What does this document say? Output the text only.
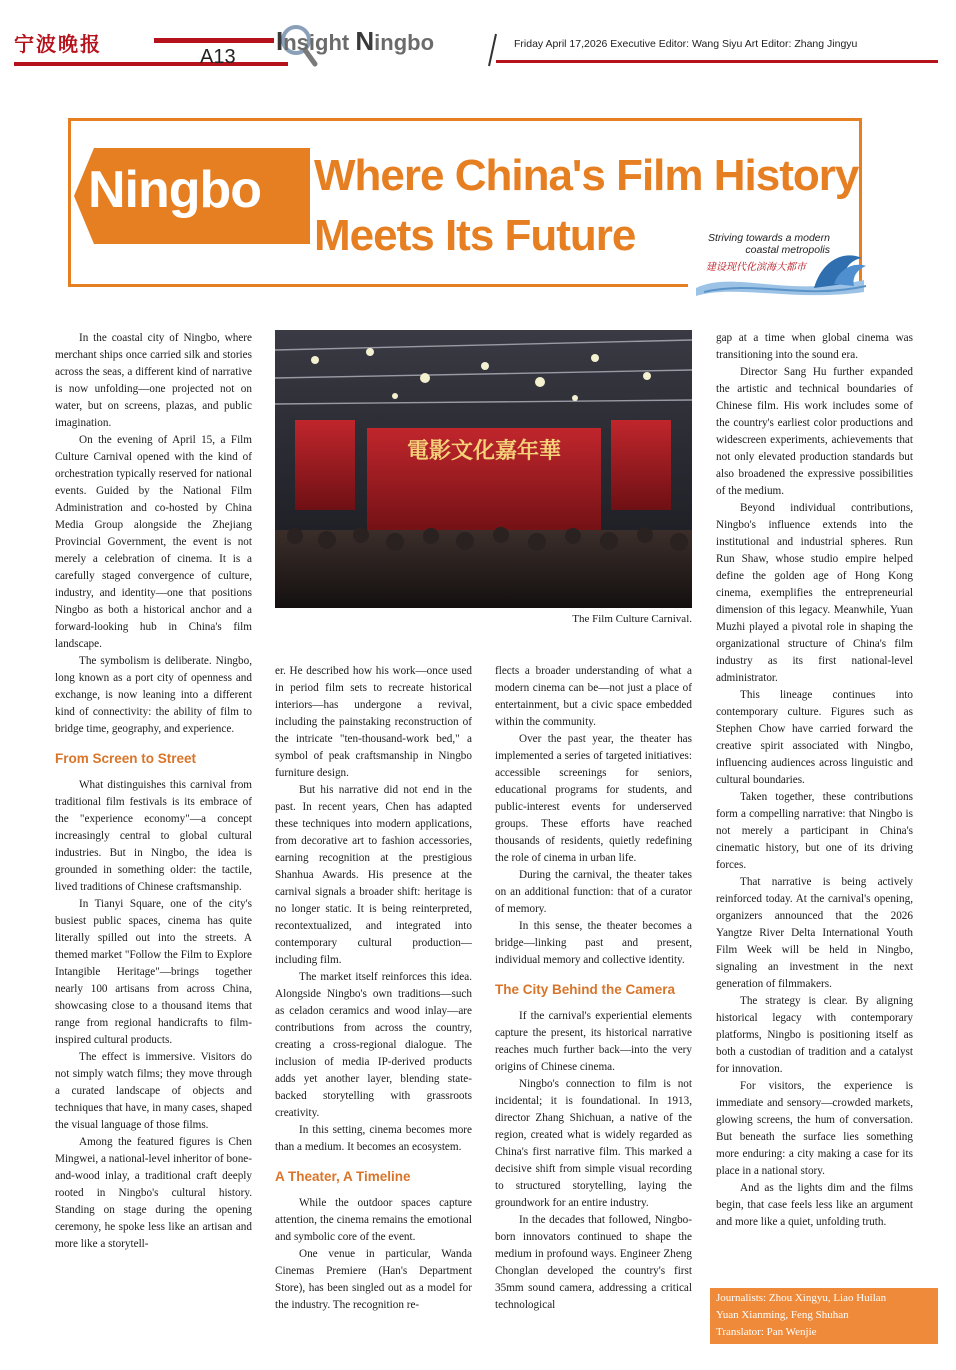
宁波晚报
A13
Insight Ningbo	Friday April 17,2026 Executive Editor: Wang Siyu Art Editor: Zhang Jingyu
Ningbo Where China's Film History
Meets Its Future	Striving towards a modern
coastal metropolis
建设现代化滨海大都市
電影文化嘉年華
The Film Culture Carnival.

In the coastal city of Ningbo, where merchant ships once carried silk and stories across the seas, a different kind of narrative is now unfolding—one projected not on water, but on screens, plazas, and public imagination.

On the evening of April 15, a Film Culture Carnival opened with the kind of orchestration typically reserved for national events. Guided by the National Film Administration and co-hosted by China Media Group alongside the Zhejiang Provincial Government, the event is not merely a celebration of cinema. It is a carefully staged convergence of culture, industry, and identity—one that positions Ningbo as both a historical anchor and a forward-looking hub in China's film landscape.

The symbolism is deliberate. Ningbo, long known as a port city of openness and exchange, is now leaning into a different kind of connectivity: the ability of film to bridge time, geography, and experience.

From Screen to Street

What distinguishes this carnival from traditional film festivals is its embrace of the "experience economy"—a concept increasingly central to global cultural industries. But in Ningbo, the idea is grounded in something older: the tactile, lived traditions of Chinese craftsmanship.

In Tianyi Square, one of the city's busiest public spaces, cinema has quite literally spilled out into the streets. A themed market "Follow the Film to Explore Intangible Heritage"—brings together nearly 100 artisans from across China, showcasing close to a thousand items that range from regional handicrafts to film-inspired cultural products.

The effect is immersive. Visitors do not simply watch films; they move through a curated landscape of objects and techniques that have, in many cases, shaped the visual language of those films.

Among the featured figures is Chen Mingwei, a national-level inheritor of bone-and-wood inlay, a traditional craft deeply rooted in Ningbo's cultural history. Standing on stage during the opening ceremony, he spoke less like an artisan and more like a storytell-

er. He described how his work—once used in period film sets to recreate historical interiors—has undergone a revival, including the painstaking reconstruction of the intricate "ten-thousand-work bed," a symbol of peak craftsmanship in Ningbo furniture design.

But his narrative did not end in the past. In recent years, Chen has adapted these techniques into modern applications, from decorative art to fashion accessories, earning recognition at the prestigious Shanhua Awards. His presence at the carnival signals a broader shift: heritage is no longer static. It is being reinterpreted, recontextualized, and integrated into contemporary cultural production—including film.

The market itself reinforces this idea. Alongside Ningbo's own traditions—such as celadon ceramics and wood inlay—are contributions from across the country, creating a cross-regional dialogue. The inclusion of media IP-derived products adds yet another layer, blending state-backed storytelling with grassroots creativity.

In this setting, cinema becomes more than a medium. It becomes an ecosystem.

A Theater, A Timeline

While the outdoor spaces capture attention, the cinema remains the emotional and symbolic core of the event.

One venue in particular, Wanda Cinemas Premiere (Han's Department Store), has been singled out as a model for the industry. The recognition re-

flects a broader understanding of what a modern cinema can be—not just a place of entertainment, but a civic space embedded within the community.

Over the past year, the theater has implemented a series of targeted initiatives: accessible screenings for seniors, educational programs for students, and public-interest events for underserved groups. These efforts have reached thousands of residents, quietly redefining the role of cinema in urban life.

During the carnival, the theater takes on an additional function: that of a curator of memory.

In this sense, the theater becomes a bridge—linking past and present, individual memory and collective identity.

The City Behind the Camera

If the carnival's experiential elements capture the present, its historical narrative reaches much further back—into the very origins of Chinese cinema.

Ningbo's connection to film is not incidental; it is foundational. In 1913, director Zhang Shichuan, a native of the region, created what is widely regarded as China's first narrative film. This marked a decisive shift from simple visual recording to structured storytelling, laying the groundwork for an entire industry.

In the decades that followed, Ningbo-born innovators continued to shape the medium in profound ways. Engineer Zheng Chonglan developed the country's first 35mm sound camera, addressing a critical technological

gap at a time when global cinema was transitioning into the sound era.

Director Sang Hu further expanded the artistic and technical boundaries of Chinese film. His work includes some of the country's earliest color productions and widescreen experiments, achievements that not only elevated production standards but also broadened the expressive possibilities of the medium.

Beyond individual contributions, Ningbo's influence extends into the institutional and industrial spheres. Run Run Shaw, whose studio empire helped define the golden age of Hong Kong cinema, exemplifies the entrepreneurial dimension of this legacy. Meanwhile, Yuan Muzhi played a pivotal role in shaping the organizational structure of China's film industry as its first national-level administrator.

This lineage continues into contemporary culture. Figures such as Stephen Chow have carried forward the creative spirit associated with Ningbo, influencing audiences across linguistic and cultural boundaries.

Taken together, these contributions form a compelling narrative: that Ningbo is not merely a participant in China's cinematic history, but one of its driving forces.

That narrative is being actively reinforced today. At the carnival's opening, organizers announced that the 2026 Yangtze River Delta International Youth Film Week will be held in Ningbo, signaling an investment in the next generation of filmmakers.

The strategy is clear. By aligning historical legacy with contemporary platforms, Ningbo is positioning itself as both a custodian of tradition and a catalyst for innovation.

For visitors, the experience is immediate and sensory—crowded markets, glowing screens, the hum of conversation. But beneath the surface lies something more enduring: a city making a case for its place in a national story.

And as the lights dim and the films begin, that case feels less like an argument and more like a quiet, unfolding truth.

Journalists: Zhou Xingyu, Liao Huilan
Yuan Xianming, Feng Shuhan
Translator: Pan Wenjie
